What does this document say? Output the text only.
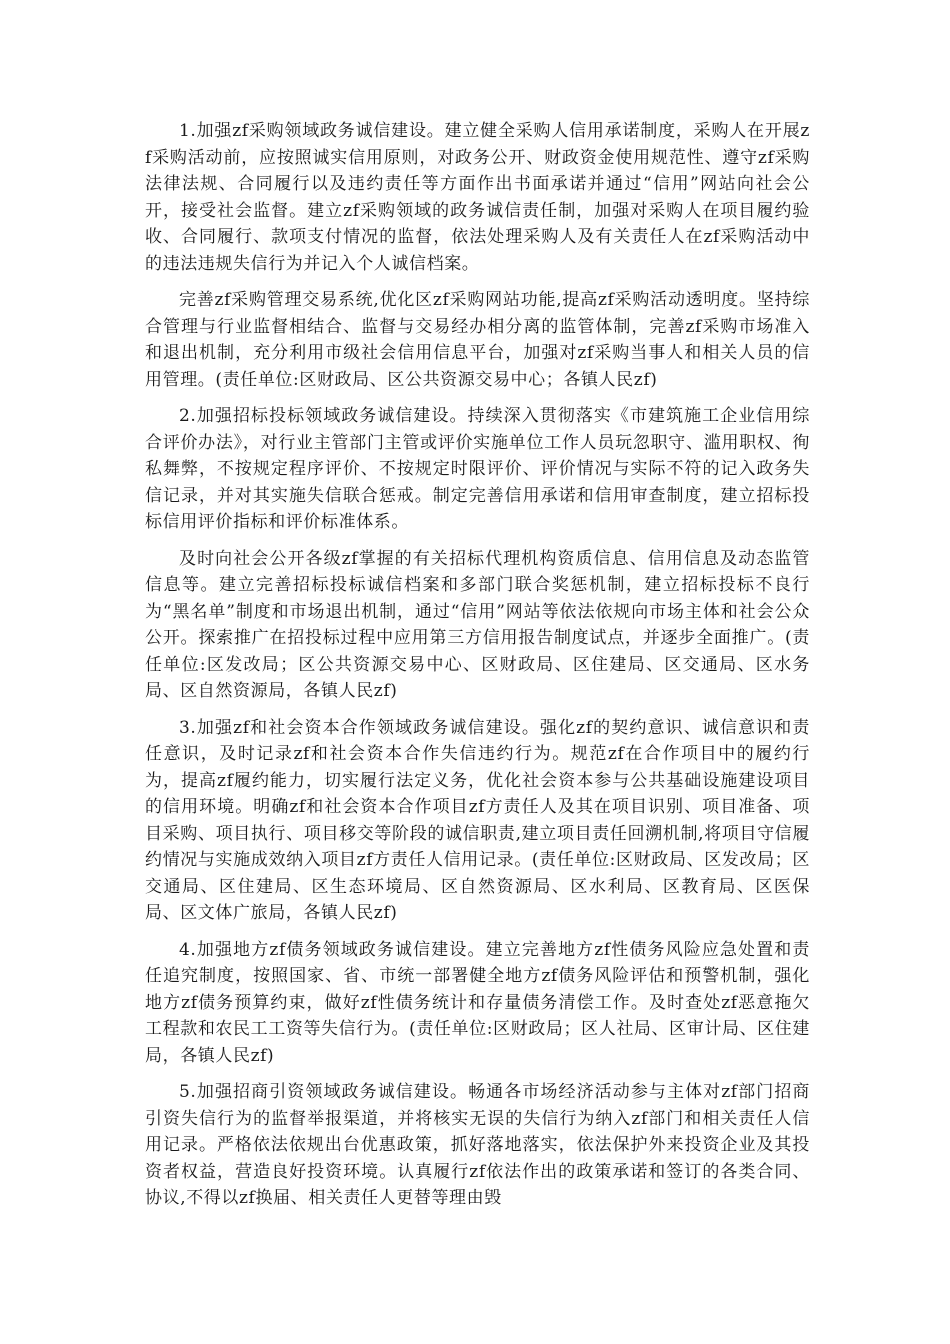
1.加强zf采购领域政务诚信建设。建立健全采购人信用承诺制度，采购人在开展zf采购活动前，应按照诚实信用原则，对政务公开、财政资金使用规范性、遵守zf采购法律法规、合同履行以及违约责任等方面作出书面承诺并通过“信用”网站向社会公开，接受社会监督。建立zf采购领域的政务诚信责任制，加强对采购人在项目履约验收、合同履行、款项支付情况的监督，依法处理采购人及有关责任人在zf采购活动中的违法违规失信行为并记入个人诚信档案。

完善zf采购管理交易系统,优化区zf采购网站功能,提高zf采购活动透明度。坚持综合管理与行业监督相结合、监督与交易经办相分离的监管体制，完善zf采购市场准入和退出机制，充分利用市级社会信用信息平台，加强对zf采购当事人和相关人员的信用管理。(责任单位:区财政局、区公共资源交易中心；各镇人民zf)

2.加强招标投标领域政务诚信建设。持续深入贯彻落实《市建筑施工企业信用综合评价办法》，对行业主管部门主管或评价实施单位工作人员玩忽职守、滥用职权、徇私舞弊，不按规定程序评价、不按规定时限评价、评价情况与实际不符的记入政务失信记录，并对其实施失信联合惩戒。制定完善信用承诺和信用审查制度，建立招标投标信用评价指标和评价标准体系。

及时向社会公开各级zf掌握的有关招标代理机构资质信息、信用信息及动态监管信息等。建立完善招标投标诚信档案和多部门联合奖惩机制，建立招标投标不良行为“黑名单”制度和市场退出机制，通过“信用”网站等依法依规向市场主体和社会公众公开。探索推广在招投标过程中应用第三方信用报告制度试点，并逐步全面推广。(责任单位:区发改局；区公共资源交易中心、区财政局、区住建局、区交通局、区水务局、区自然资源局，各镇人民zf)

3.加强zf和社会资本合作领域政务诚信建设。强化zf的契约意识、诚信意识和责任意识，及时记录zf和社会资本合作失信违约行为。规范zf在合作项目中的履约行为，提高zf履约能力，切实履行法定义务，优化社会资本参与公共基础设施建设项目的信用环境。明确zf和社会资本合作项目zf方责任人及其在项目识别、项目准备、项目采购、项目执行、项目移交等阶段的诚信职责,建立项目责任回溯机制,将项目守信履约情况与实施成效纳入项目zf方责任人信用记录。(责任单位:区财政局、区发改局；区交通局、区住建局、区生态环境局、区自然资源局、区水利局、区教育局、区医保局、区文体广旅局，各镇人民zf)

4.加强地方zf债务领域政务诚信建设。建立完善地方zf性债务风险应急处置和责任追究制度，按照国家、省、市统一部署健全地方zf债务风险评估和预警机制，强化地方zf债务预算约束，做好zf性债务统计和存量债务清偿工作。及时查处zf恶意拖欠工程款和农民工工资等失信行为。(责任单位:区财政局；区人社局、区审计局、区住建局，各镇人民zf)

5.加强招商引资领域政务诚信建设。畅通各市场经济活动参与主体对zf部门招商引资失信行为的监督举报渠道，并将核实无误的失信行为纳入zf部门和相关责任人信用记录。严格依法依规出台优惠政策，抓好落地落实，依法保护外来投资企业及其投资者权益，营造良好投资环境。认真履行zf依法作出的政策承诺和签订的各类合同、协议,不得以zf换届、相关责任人更替等理由毁
